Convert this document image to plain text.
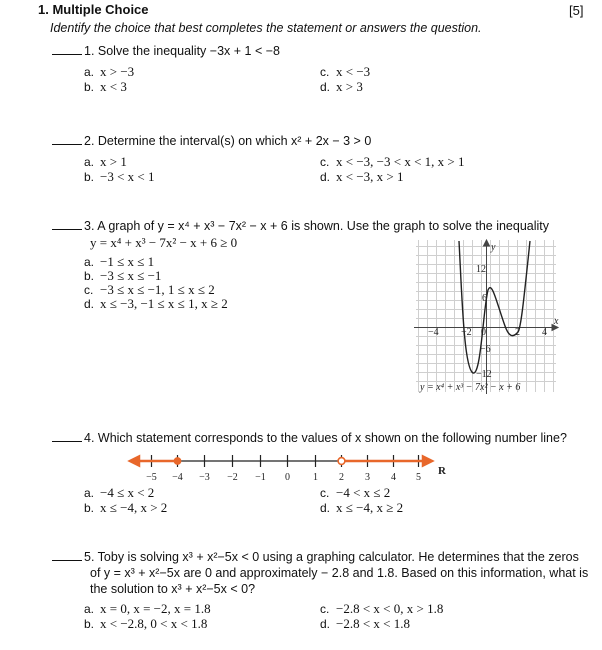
1. Multiple Choice	[5]
Identify the choice that best completes the statement or answers the question.
1. Solve the inequality −3x + 1 < −8
a. x > −3
b. x < 3
c. x < −3
d. x > 3
2. Determine the interval(s) on which x² + 2x − 3 > 0
a. x > 1
b. −3 < x < 1
c. x < −3, −3 < x < 1, x > 1
d. x < −3, x > 1
3. A graph of y = x⁴ + x³ − 7x² − x + 6 is shown. Use the graph to solve the inequality
y = x⁴ + x³ − 7x² − x + 6 ≥ 0
a. −1 ≤ x ≤ 1
b. −3 ≤ x ≤ −1
c. −3 ≤ x ≤ −1, 1 ≤ x ≤ 2
d. x ≤ −3, −1 ≤ x ≤ 1, x ≥ 2
y
x
12
6
−6
−12
−4 −2 0	2 4
y = x⁴ + x³ − 7x² − x + 6
4. Which statement corresponds to the values of x shown on the following number line?
−5 −4 −3 −2 −1 0 1 2 3 4 5
R
a. −4 ≤ x < 2
b. x ≤ −4, x > 2
c. −4 < x ≤ 2
d. x ≤ −4, x ≥ 2
5. Toby is solving x³ + x²−5x < 0 using a graphing calculator. He determines that the zeros
of y = x³ + x²−5x are 0 and approximately − 2.8 and 1.8. Based on this information, what is
the solution to x³ + x²−5x < 0?
a. x = 0, x = −2, x = 1.8
b. x < −2.8, 0 < x < 1.8
c. −2.8 < x < 0, x > 1.8
d. −2.8 < x < 1.8
